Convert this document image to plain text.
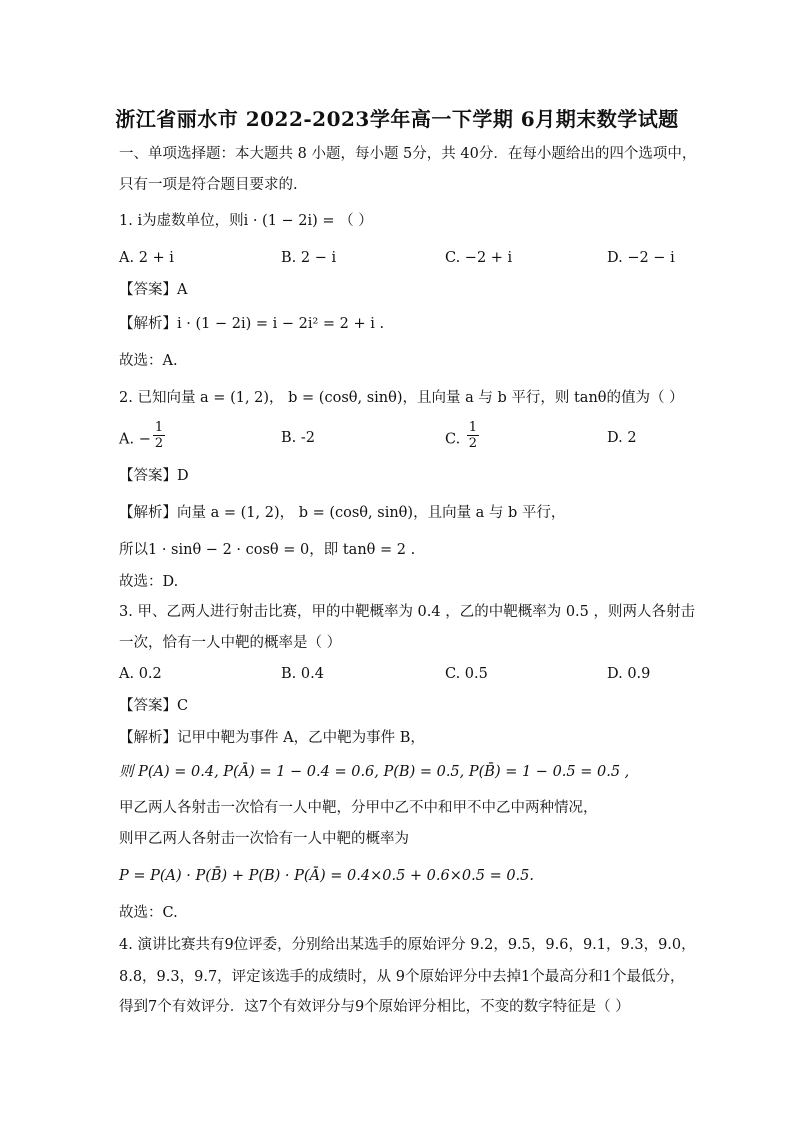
浙江省丽水市 2022-2023学年高一下学期 6月期末数学试题
一、单项选择题：本大题共 8 小题，每小题 5分，共 40分．在每小题给出的四个选项中，
只有一项是符合题目要求的.
1. i为虚数单位，则i · (1 − 2i) = （ ）
A. 2 + i	B. 2 − i	C. −2 + i	D. −2 − i
【答案】A
【解析】i · (1 − 2i) = i − 2i² = 2 + i .
故选：A.
2. 已知向量 a = (1, 2)， b = (cosθ, sinθ)，且向量 a 与 b 平行，则 tanθ的值为（ ）
A. − $\frac{1}{2}$	B. -2	C. $\frac{1}{2}$	D. 2
【答案】D
【解析】向量 a = (1, 2)， b = (cosθ, sinθ)，且向量 a 与 b 平行，
所以1 · sinθ − 2 · cosθ = 0，即 tanθ = 2 .
故选：D.
3. 甲、乙两人进行射击比赛，甲的中靶概率为 0.4 ，乙的中靶概率为 0.5 ，则两人各射击
一次，恰有一人中靶的概率是（ ）
A. 0.2	B. 0.4	C. 0.5	D. 0.9
【答案】C
【解析】记甲中靶为事件 A，乙中靶为事件 B，
则 P(A) = 0.4, P(Ā) = 1 − 0.4 = 0.6, P(B) = 0.5, P(B̄) = 1 − 0.5 = 0.5 ,
甲乙两人各射击一次恰有一人中靶，分甲中乙不中和甲不中乙中两种情况，
则甲乙两人各射击一次恰有一人中靶的概率为
P = P(A) · P(B̄) + P(B) · P(Ā) = 0.4×0.5 + 0.6×0.5 = 0.5.
故选：C.
4. 演讲比赛共有9位评委，分别给出某选手的原始评分 9.2，9.5，9.6，9.1，9.3，9.0，
8.8，9.3，9.7，评定该选手的成绩时，从 9个原始评分中去掉1个最高分和1个最低分，
得到7个有效评分．这7个有效评分与9个原始评分相比，不变的数字特征是（ ）
